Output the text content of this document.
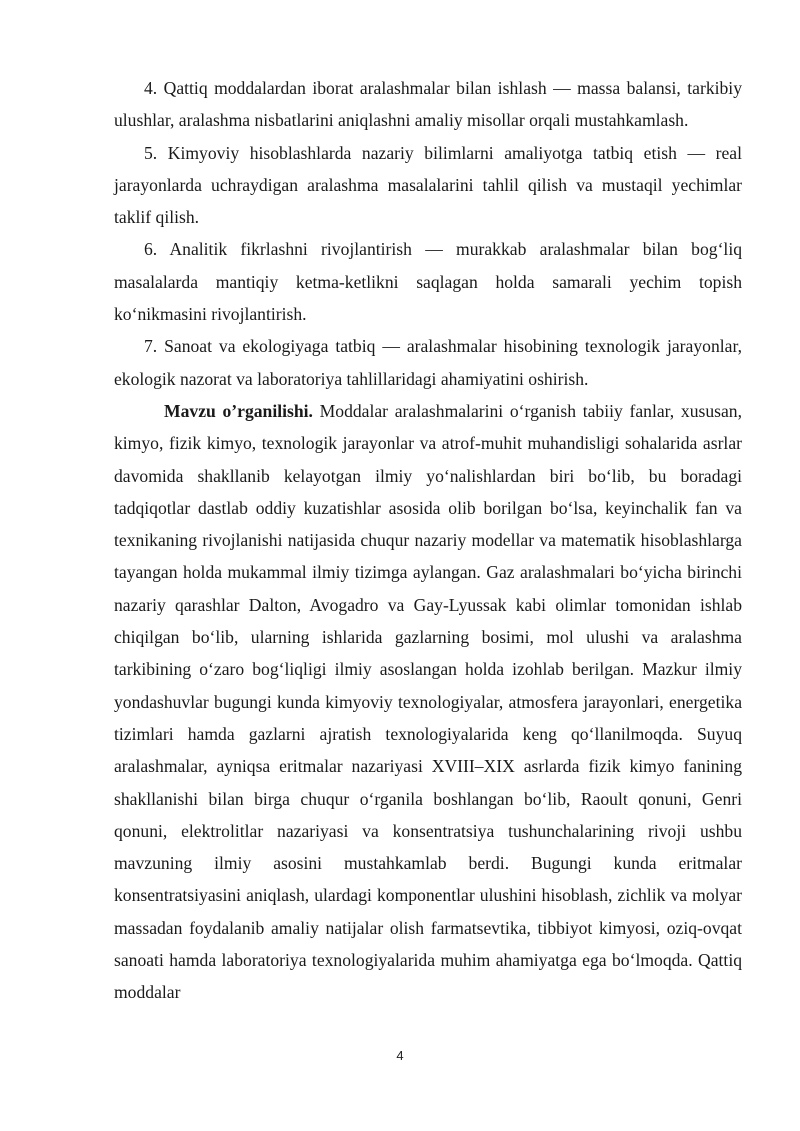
4. Qattiq moddalardan iborat aralashmalar bilan ishlash — massa balansi, tarkibiy ulushlar, aralashma nisbatlarini aniqlashni amaliy misollar orqali mustahkamlash.

5. Kimyoviy hisoblashlarda nazariy bilimlarni amaliyotga tatbiq etish — real jarayonlarda uchraydigan aralashma masalalarini tahlil qilish va mustaqil yechimlar taklif qilish.

6. Analitik fikrlashni rivojlantirish — murakkab aralashmalar bilan bog‘liq masalalarda mantiqiy ketma-ketlikni saqlagan holda samarali yechim topish ko‘nikmasini rivojlantirish.

7. Sanoat va ekologiyaga tatbiq — aralashmalar hisobining texnologik jarayonlar, ekologik nazorat va laboratoriya tahlillaridagi ahamiyatini oshirish.

Mavzu o’rganilishi. Moddalar aralashmalarini o‘rganish tabiiy fanlar, xususan, kimyo, fizik kimyo, texnologik jarayonlar va atrof-muhit muhandisligi sohalarida asrlar davomida shakllanib kelayotgan ilmiy yo‘nalishlardan biri bo‘lib, bu boradagi tadqiqotlar dastlab oddiy kuzatishlar asosida olib borilgan bo‘lsa, keyinchalik fan va texnikaning rivojlanishi natijasida chuqur nazariy modellar va matematik hisoblashlarga tayangan holda mukammal ilmiy tizimga aylangan. Gaz aralashmalari bo‘yicha birinchi nazariy qarashlar Dalton, Avogadro va Gay-Lyussak kabi olimlar tomonidan ishlab chiqilgan bo‘lib, ularning ishlarida gazlarning bosimi, mol ulushi va aralashma tarkibining o‘zaro bog‘liqligi ilmiy asoslangan holda izohlab berilgan. Mazkur ilmiy yondashuvlar bugungi kunda kimyoviy texnologiyalar, atmosfera jarayonlari, energetika tizimlari hamda gazlarni ajratish texnologiyalarida keng qo‘llanilmoqda. Suyuq aralashmalar, ayniqsa eritmalar nazariyasi XVIII–XIX asrlarda fizik kimyo fanining shakllanishi bilan birga chuqur o‘rganila boshlangan bo‘lib, Raoult qonuni, Genri qonuni, elektrolitlar nazariyasi va konsentratsiya tushunchalarining rivoji ushbu mavzuning ilmiy asosini mustahkamlab berdi. Bugungi kunda eritmalar konsentratsiyasini aniqlash, ulardagi komponentlar ulushini hisoblash, zichlik va molyar massadan foydalanib amaliy natijalar olish farmatsevtika, tibbiyot kimyosi, oziq-ovqat sanoati hamda laboratoriya texnologiyalarida muhim ahamiyatga ega bo‘lmoqda. Qattiq moddalar

4
